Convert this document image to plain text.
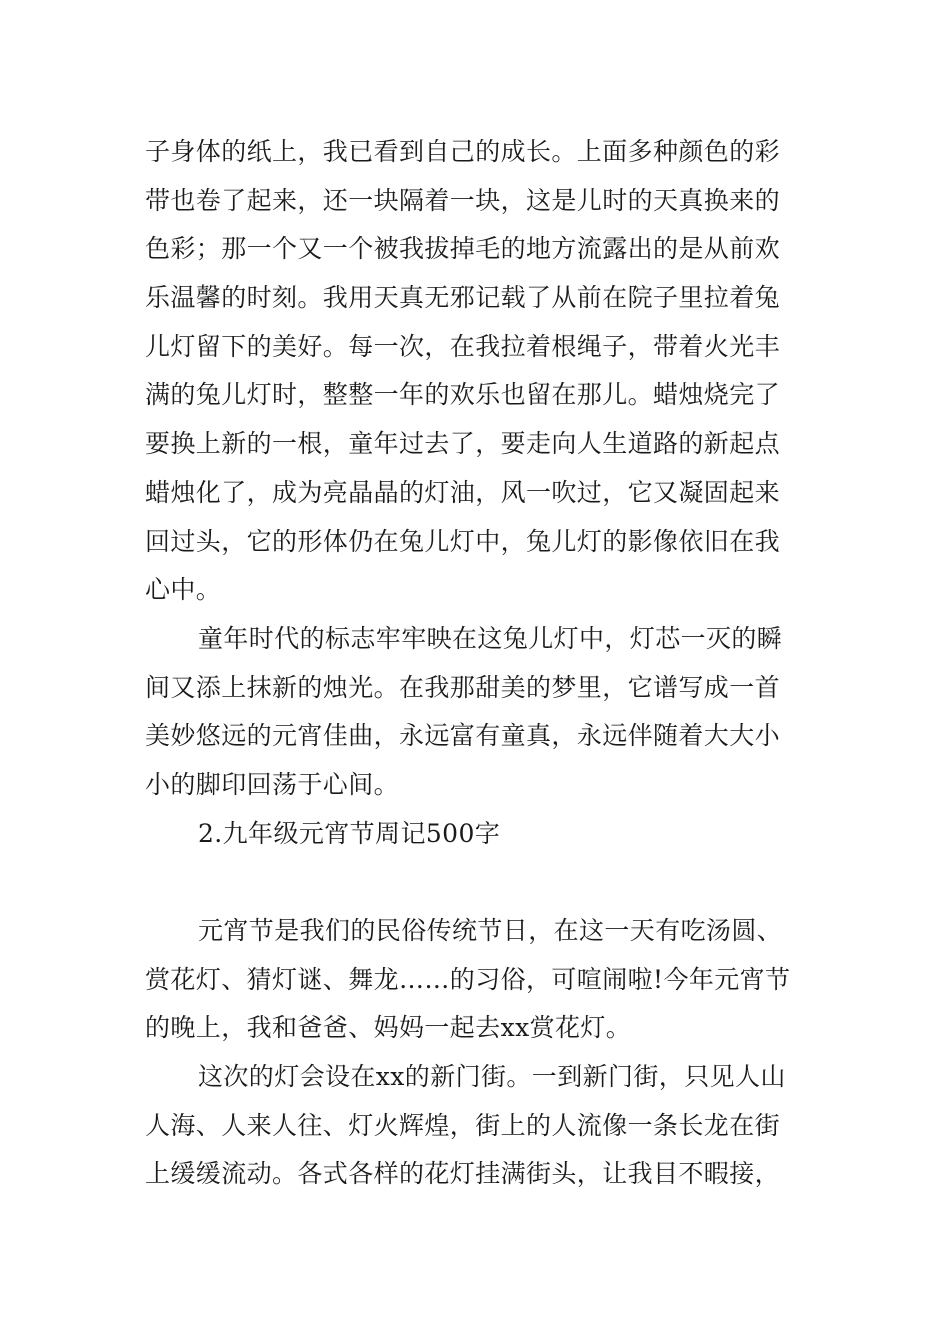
子身体的纸上，我已看到自己的成长。上面多种颜色的彩
带也卷了起来，还一块隔着一块，这是儿时的天真换来的
色彩；那一个又一个被我拔掉毛的地方流露出的是从前欢
乐温馨的时刻。我用天真无邪记载了从前在院子里拉着兔
儿灯留下的美好。每一次，在我拉着根绳子，带着火光丰
满的兔儿灯时，整整一年的欢乐也留在那儿。蜡烛烧完了
要换上新的一根，童年过去了，要走向人生道路的新起点
蜡烛化了，成为亮晶晶的灯油，风一吹过，它又凝固起来
回过头，它的形体仍在兔儿灯中，兔儿灯的影像依旧在我
心中。
童年时代的标志牢牢映在这兔儿灯中，灯芯一灭的瞬
间又添上抹新的烛光。在我那甜美的梦里，它谱写成一首
美妙悠远的元宵佳曲，永远富有童真，永远伴随着大大小
小的脚印回荡于心间。
2.九年级元宵节周记500字
元宵节是我们的民俗传统节日，在这一天有吃汤圆、
赏花灯、猜灯谜、舞龙……的习俗，可喧闹啦!今年元宵节
的晚上，我和爸爸、妈妈一起去xx赏花灯。
这次的灯会设在xx的新门街。一到新门街，只见人山
人海、人来人往、灯火辉煌，街上的人流像一条长龙在街
上缓缓流动。各式各样的花灯挂满街头，让我目不暇接，
